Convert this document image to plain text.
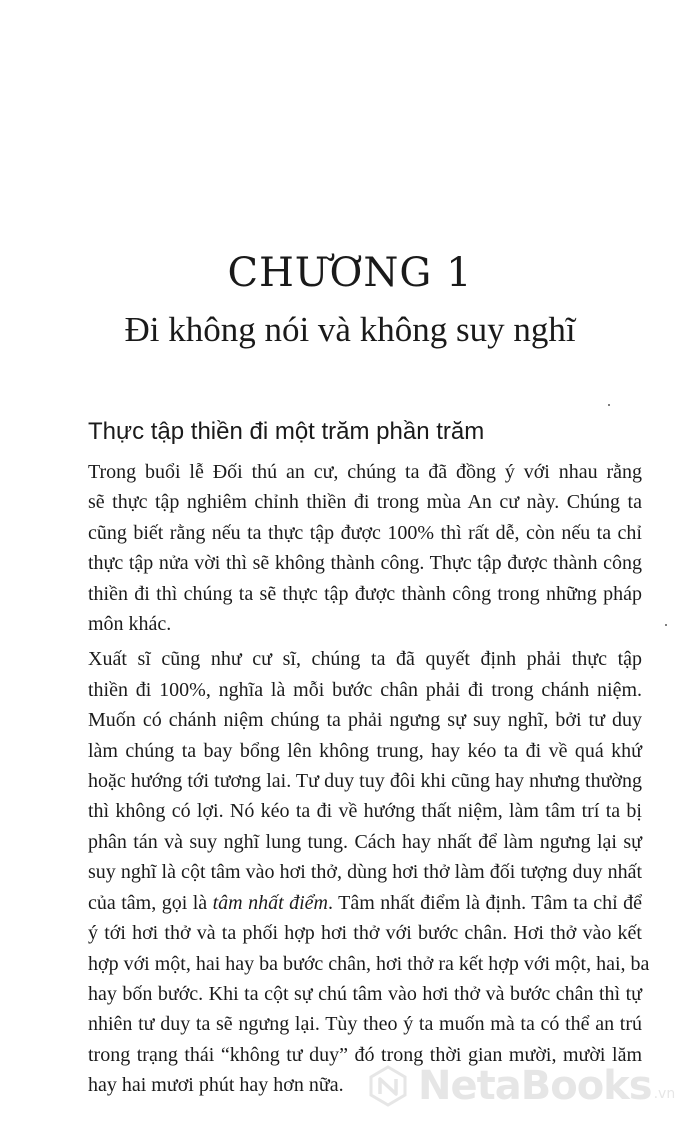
CHƯƠNG 1
Đi không nói và không suy nghĩ
Thực tập thiền đi một trăm phần trăm

Trong buổi lễ Đối thú an cư, chúng ta đã đồng ý với nhau rằng
sẽ thực tập nghiêm chỉnh thiền đi trong mùa An cư này. Chúng ta
cũng biết rằng nếu ta thực tập được 100% thì rất dễ, còn nếu ta chỉ
thực tập nửa vời thì sẽ không thành công. Thực tập được thành công
thiền đi thì chúng ta sẽ thực tập được thành công trong những pháp
môn khác.

Xuất sĩ cũng như cư sĩ, chúng ta đã quyết định phải thực tập
thiền đi 100%, nghĩa là mỗi bước chân phải đi trong chánh niệm.
Muốn có chánh niệm chúng ta phải ngưng sự suy nghĩ, bởi tư duy
làm chúng ta bay bổng lên không trung, hay kéo ta đi về quá khứ
hoặc hướng tới tương lai. Tư duy tuy đôi khi cũng hay nhưng thường
thì không có lợi. Nó kéo ta đi về hướng thất niệm, làm tâm trí ta bị
phân tán và suy nghĩ lung tung. Cách hay nhất để làm ngưng lại sự
suy nghĩ là cột tâm vào hơi thở, dùng hơi thở làm đối tượng duy nhất
của tâm, gọi là tâm nhất điểm. Tâm nhất điểm là định. Tâm ta chỉ để
ý tới hơi thở và ta phối hợp hơi thở với bước chân. Hơi thở vào kết
hợp với một, hai hay ba bước chân, hơi thở ra kết hợp với một, hai, ba
hay bốn bước. Khi ta cột sự chú tâm vào hơi thở và bước chân thì tự
nhiên tư duy ta sẽ ngưng lại. Tùy theo ý ta muốn mà ta có thể an trú
trong trạng thái “không tư duy” đó trong thời gian mười, mười lăm
hay hai mươi phút hay hơn nữa.	NetaBooks .vn
